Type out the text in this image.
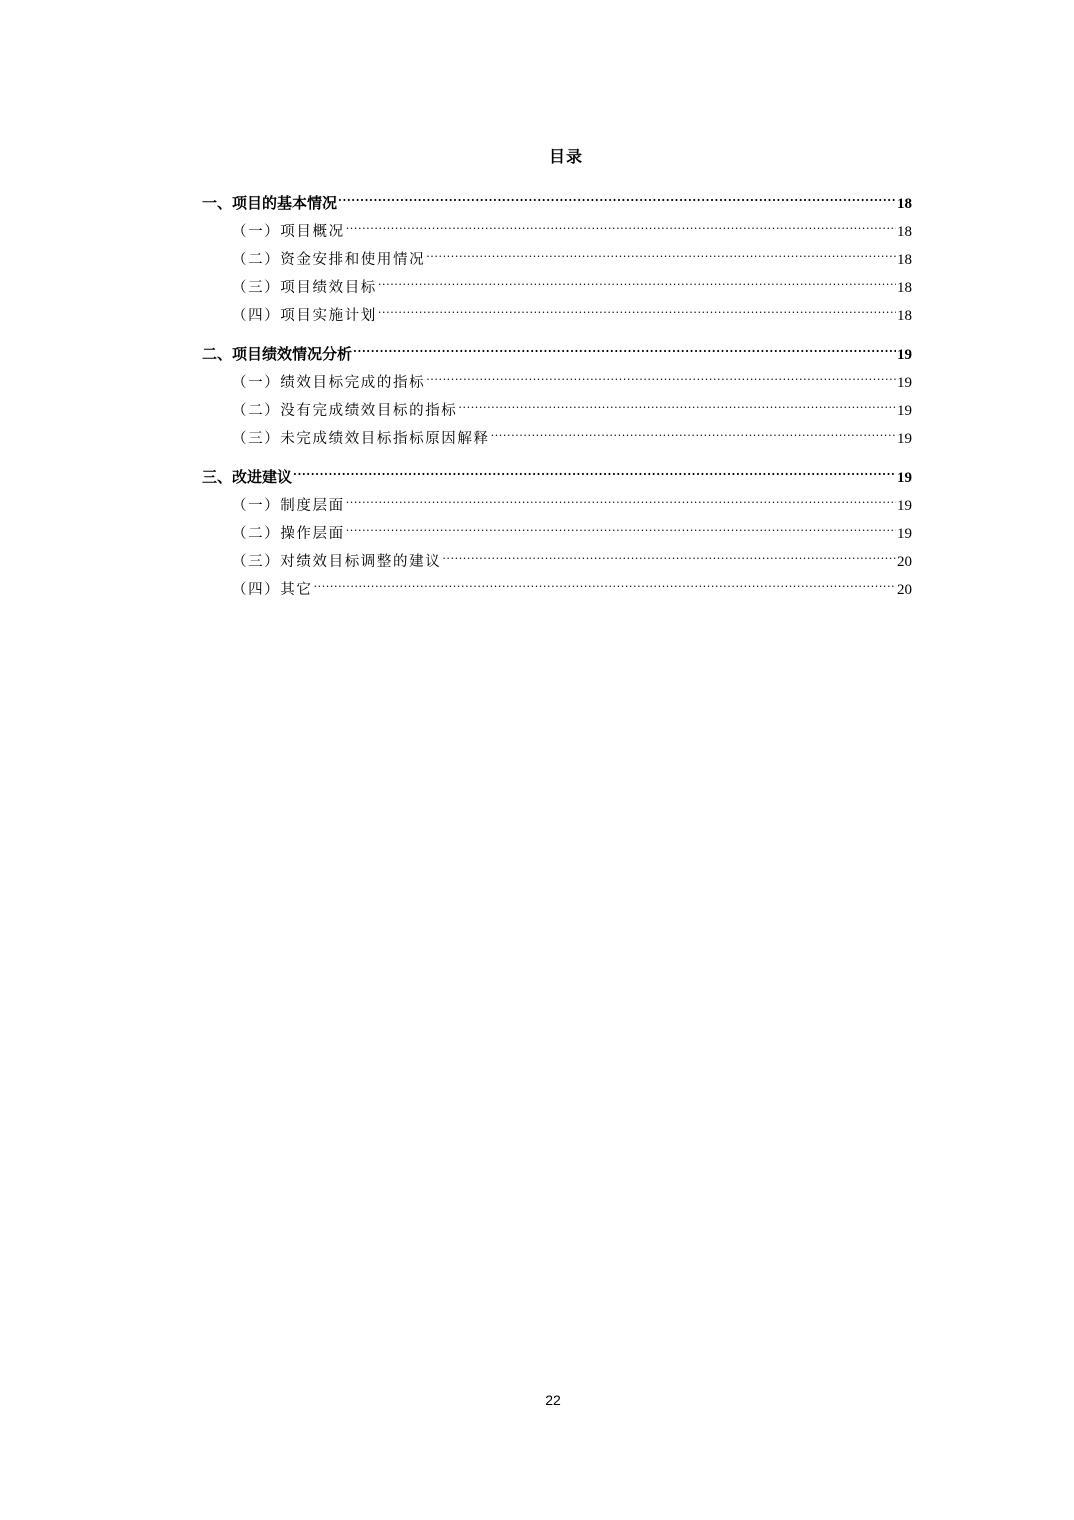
目录
一、项目的基本情况 .....	18
（一）项目概况 .....	18
（二）资金安排和使用情况 .....	18
（三）项目绩效目标 .....	18
（四）项目实施计划 .....	18
二、项目绩效情况分析 .....	19
（一）绩效目标完成的指标 .....	19
（二）没有完成绩效目标的指标 .....	19
（三）未完成绩效目标指标原因解释 .....	19
三、改进建议 .....	19
（一）制度层面 .....	19
（二）操作层面 .....	19
（三）对绩效目标调整的建议 .....	20
（四）其它 .....	20
22
